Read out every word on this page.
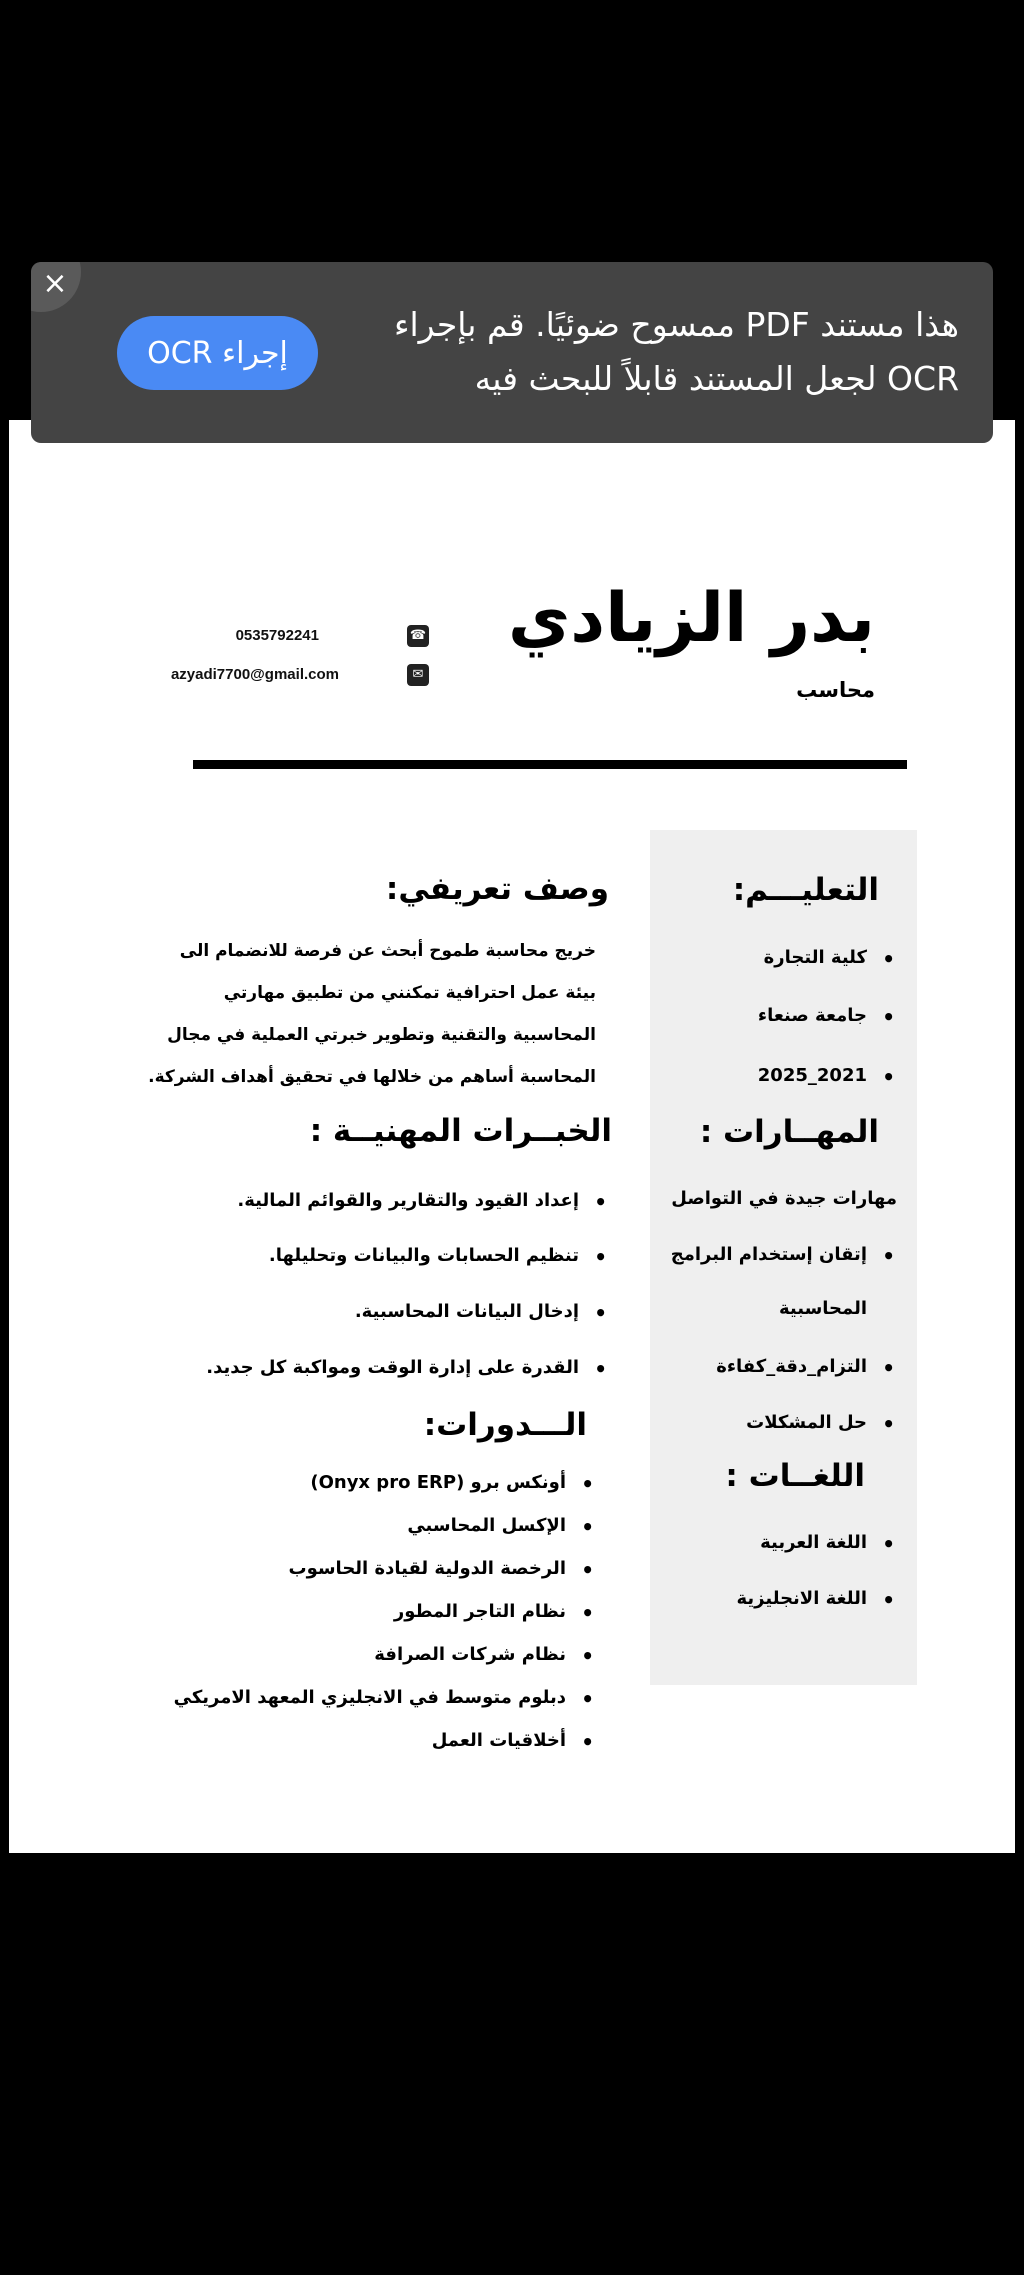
بدر الزيادي
محاسب
0535792241	☎
azyadi7700@gmail.com	✉
التعليـــم:
• كلية التجارة
• جامعة صنعاء
• 2021_2025
المهــارات :
مهارات جيدة في التواصل
• إتقان إستخدام البرامج
المحاسبية
• التزام_دقة_كفاءة
• حل المشكلات
اللغــات :
• اللغة العربية
• اللغة الانجليزية
وصف تعريفي:
خريج محاسبة طموح أبحث عن فرصة للانضمام الى
بيئة عمل احترافية تمكنني من تطبيق مهارتي
المحاسبية والتقنية وتطوير خبرتي العملية في مجال
المحاسبة أساهم من خلالها في تحقيق أهداف الشركة.
الخبــرات المهنيــة :
• إعداد القيود والتقارير والقوائم المالية.
• تنظيم الحسابات والبيانات وتحليلها.
• إدخال البيانات المحاسبية.
• القدرة على إدارة الوقت ومواكبة كل جديد.
الـــدورات:
• أونكس برو (Onyx pro ERP)
• الإكسل المحاسبي
• الرخصة الدولية لقيادة الحاسوب
• نظام التاجر المطور
• نظام شركات الصرافة
• دبلوم متوسط في الانجليزي المعهد الامريكي
• أخلاقيات العمل
×
هذا مستند PDF ممسوح ضوئيًا. قم بإجراء
OCR لجعل المستند قابلاً للبحث فيه
إجراء OCR
